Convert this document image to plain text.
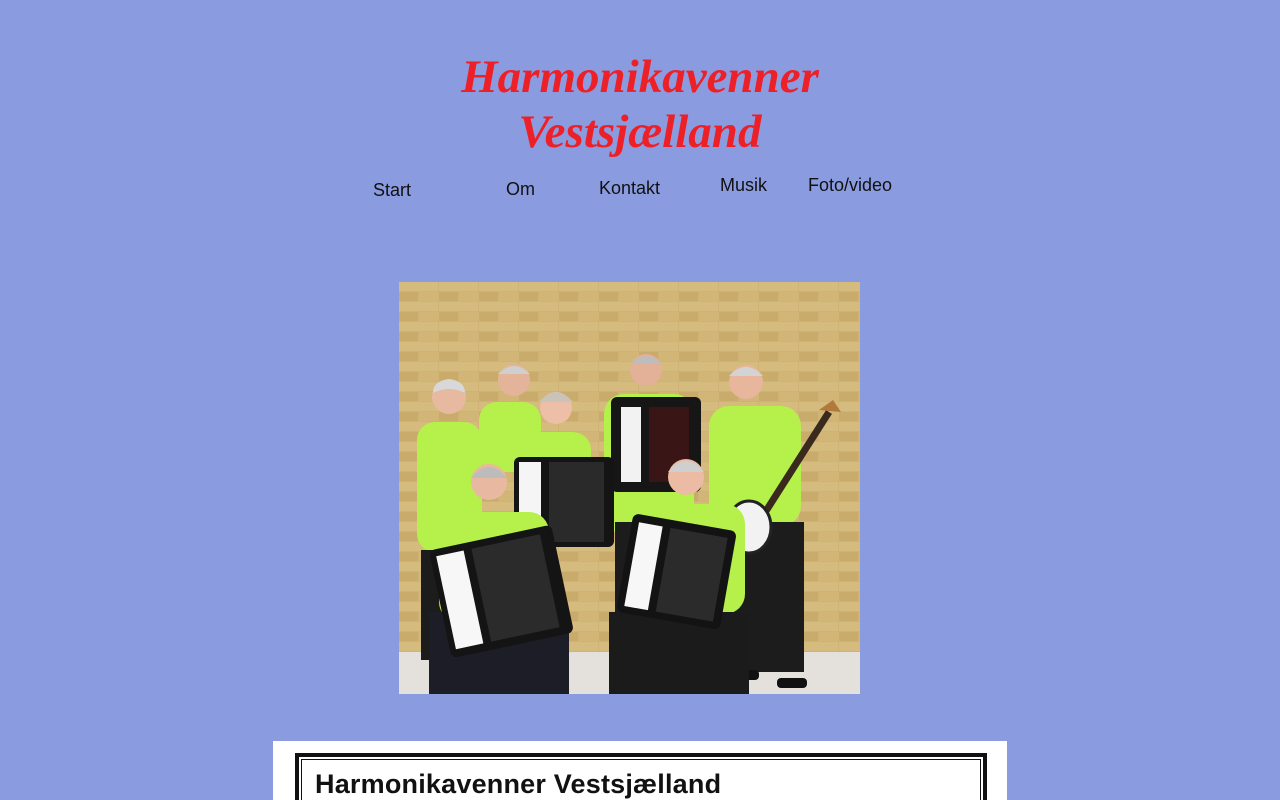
Harmonikavenner
Vestsjælland
Start	Om	Kontakt	Musik Foto/video
Harmonikavenner Vestsjælland
